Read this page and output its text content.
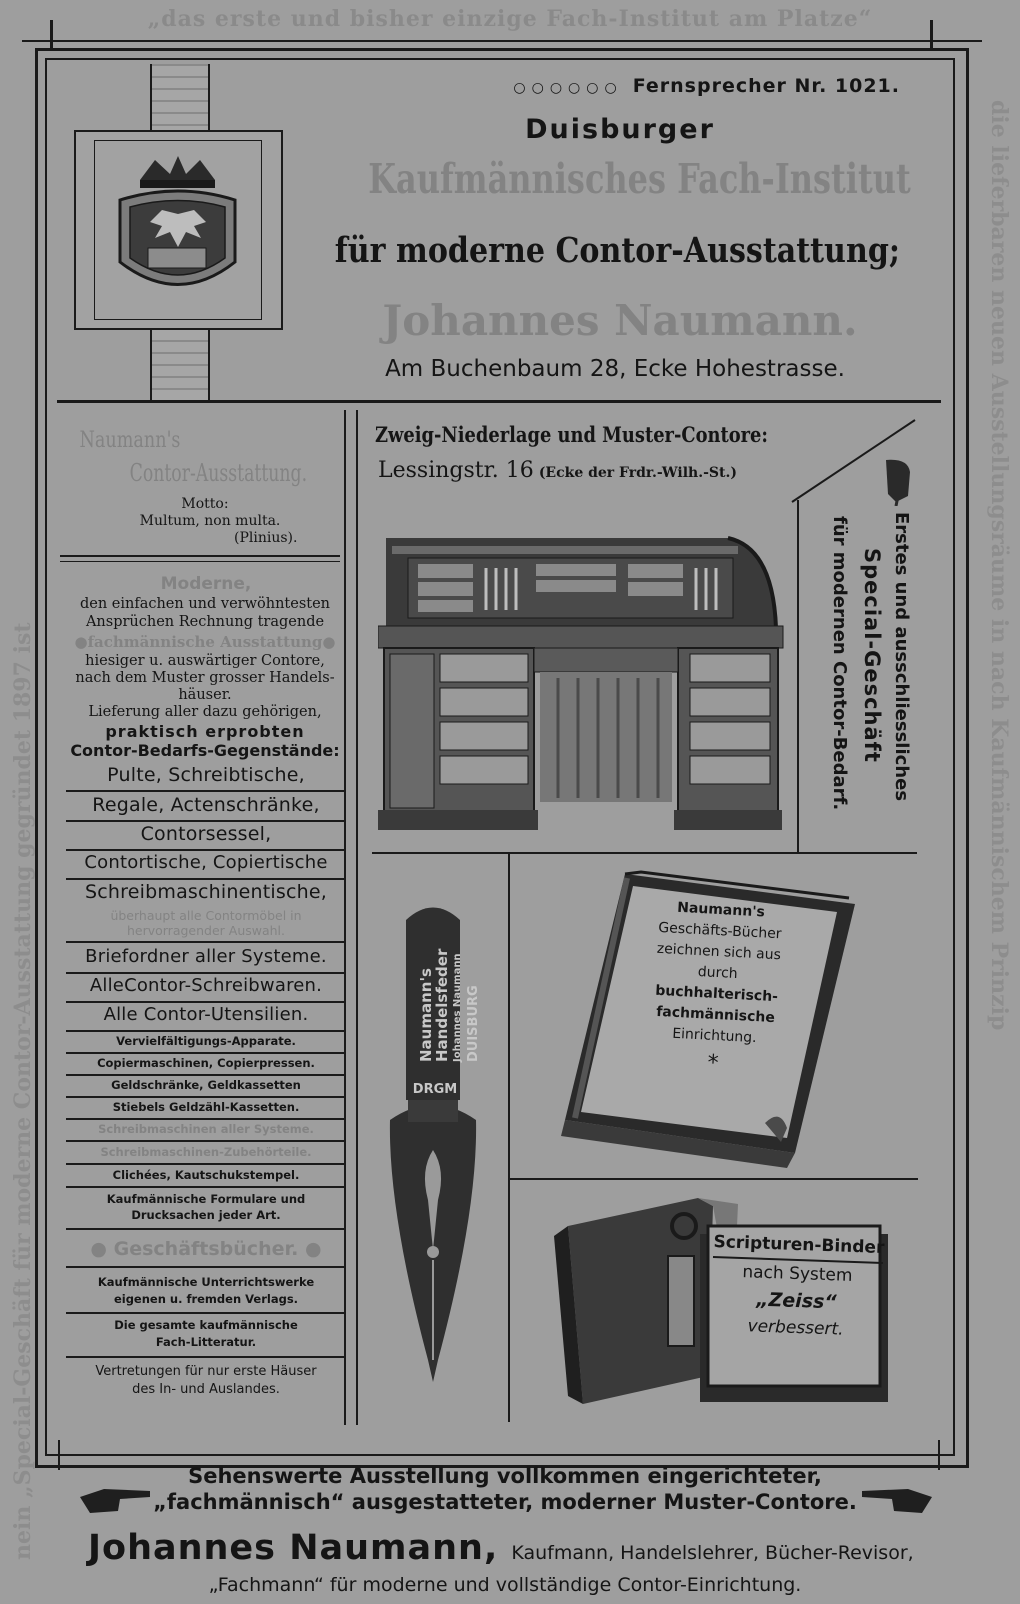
„das erste und bisher einzige Fach-Institut am Platze“
die lieferbaren neuen Ausstellungsräume in nach Kaufmännischem Prinzip
nein „Special-Geschäft für moderne Contor-Ausstattung gegründet 1897 ist
○○○○○○ Fernsprecher Nr. 1021.
Duisburger
Kaufmännisches Fach-Institut
für moderne Contor-Ausstattung;
Johannes Naumann.
Am Buchenbaum 28, Ecke Hohestrasse.
Naumann's
Contor-Ausstattung.
Motto:
Multum, non multa.
(Plinius).
Moderne,
den einfachen und verwöhntesten
Ansprüchen Rechnung tragende
●fachmännische Ausstattung●
hiesiger u. auswärtiger Contore,
nach dem Muster grosser Handels-
häuser.
Lieferung aller dazu gehörigen,
praktisch erprobten
Contor-Bedarfs-Gegenstände:
Pulte, Schreibtische,
Regale, Actenschränke,
Contorsessel,
Contortische, Copiertische
Schreibmaschinentische,
überhaupt alle Contormöbel in
hervorragender Auswahl.
Briefordner aller Systeme.
AlleContor-Schreibwaren.
Alle Contor-Utensilien.
Vervielfältigungs-Apparate.
Copiermaschinen, Copierpressen.
Geldschränke, Geldkassetten
Stiebels Geldzähl-Kassetten.
Schreibmaschinen aller Systeme.
Schreibmaschinen-Zubehörteile.
Clichées, Kautschukstempel.
Kaufmännische Formulare und
Drucksachen jeder Art.
● Geschäftsbücher. ●
Kaufmännische Unterrichtswerke
eigenen u. fremden Verlags.
Die gesamte kaufmännische
Fach-Litteratur.
Vertretungen für nur erste Häuser
des In- und Auslandes.
Zweig-Niederlage und Muster-Contore:
Lessingstr. 16 (Ecke der Frdr.-Wilh.-St.)
Erstes und ausschliessliches
Special-Geschäft
für modernen Contor-Bedarf.
Naumann's
Handelsfeder Johannes Naumann DUISBURG
DRGM
Naumann's
Geschäfts-Bücher
zeichnen sich aus
durch
buchhalterisch-
fachmännische
Einrichtung.
*
Scripturen-Binder
nach System
„Zeiss“
verbessert.
Sehenswerte Ausstellung vollkommen eingerichteter,
„fachmännisch“ ausgestatteter, moderner Muster-Contore.
Johannes Naumann, Kaufmann, Handelslehrer, Bücher-Revisor,
„Fachmann“ für moderne und vollständige Contor-Einrichtung.
